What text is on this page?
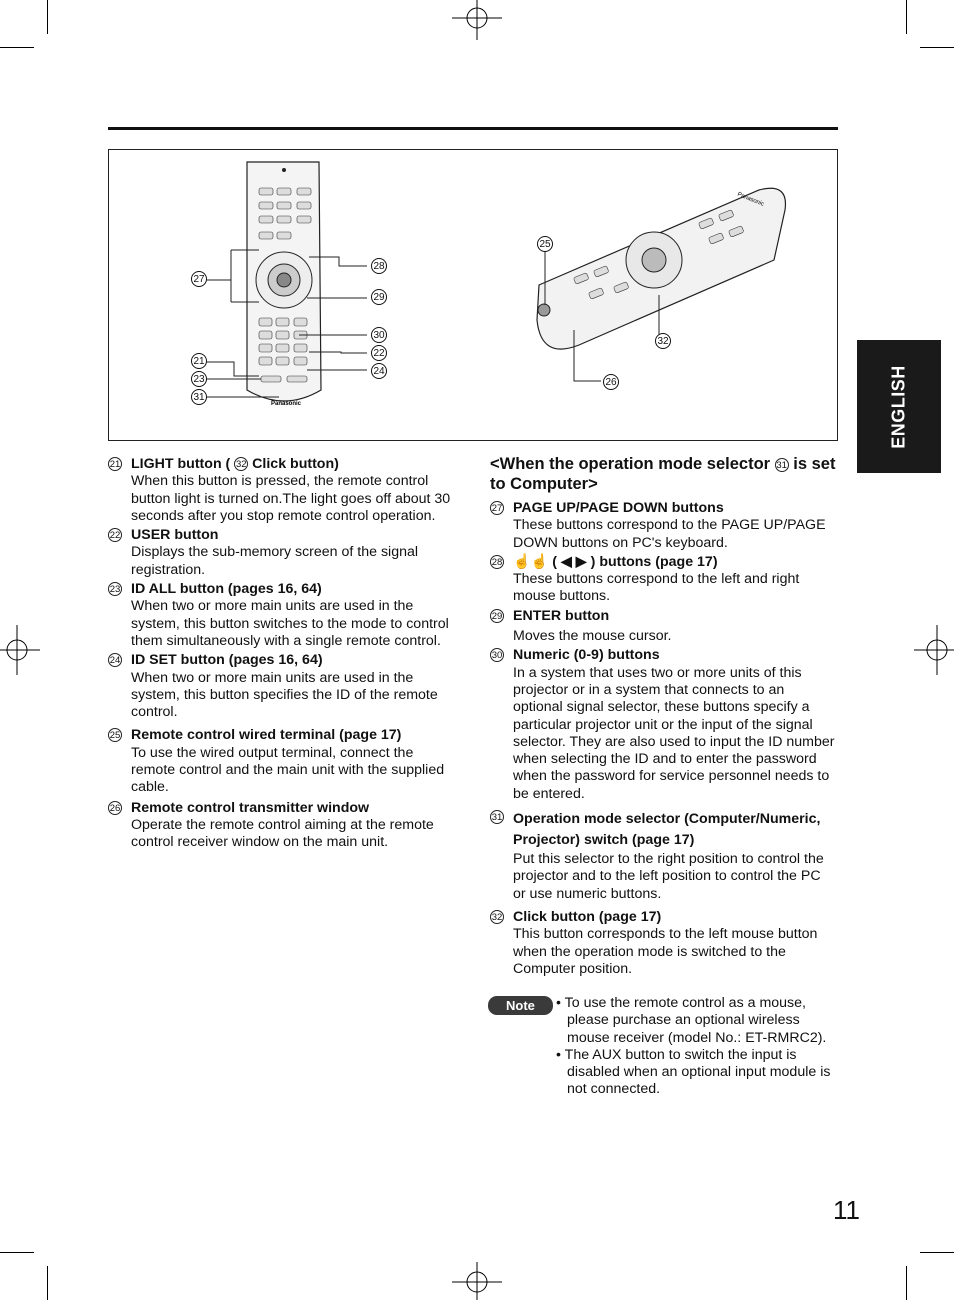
Panasonic
Panasonic
27
28
29
30
21
22
23
24
31
25
32
26	ENGLISH
21 LIGHT button ( 32 Click button)
When this button is pressed, the remote control button light is turned on.The light goes off about 30 seconds after you stop remote control operation.
22 USER button
Displays the sub-memory screen of the signal registration.
23 ID ALL button (pages 16, 64)
When two or more main units are used in the system, this button switches to the mode to control them simultaneously with a single remote control.
24 ID SET button (pages 16, 64)
When two or more main units are used in the system, this button specifies the ID of the remote control.
25 Remote control wired terminal (page 17)
To use the wired output terminal, connect the remote control and the main unit with the supplied cable.
26 Remote control transmitter window
Operate the remote control aiming at the remote control receiver window on the main unit.
<When the operation mode selector 31 is set to Computer>
27 PAGE UP/PAGE DOWN buttons
These buttons correspond to the PAGE UP/PAGE DOWN buttons on PC's keyboard.
28 ☝☝ ( ◀ ▶ ) buttons (page 17)
These buttons correspond to the left and right mouse buttons.
29 ENTER button
Moves the mouse cursor.
30 Numeric (0-9) buttons
In a system that uses two or more units of this projector or in a system that connects to an optional signal selector, these buttons specify a particular projector unit or the input of the signal selector. They are also used to input the ID number when selecting the ID and to enter the password when the password for service personnel needs to be entered.
31 Operation mode selector (Computer/Numeric, Projector) switch (page 17)
Put this selector to the right position to control the projector and to the left position to control the PC or use numeric buttons.
32 Click button (page 17)
This button corresponds to the left mouse button when the operation mode is switched to the Computer position.
Note	• To use the remote control as a mouse, please purchase an optional wireless mouse receiver (model No.: ET-RMRC2).
• The AUX button to switch the input is disabled when an optional input module is not connected.
11
